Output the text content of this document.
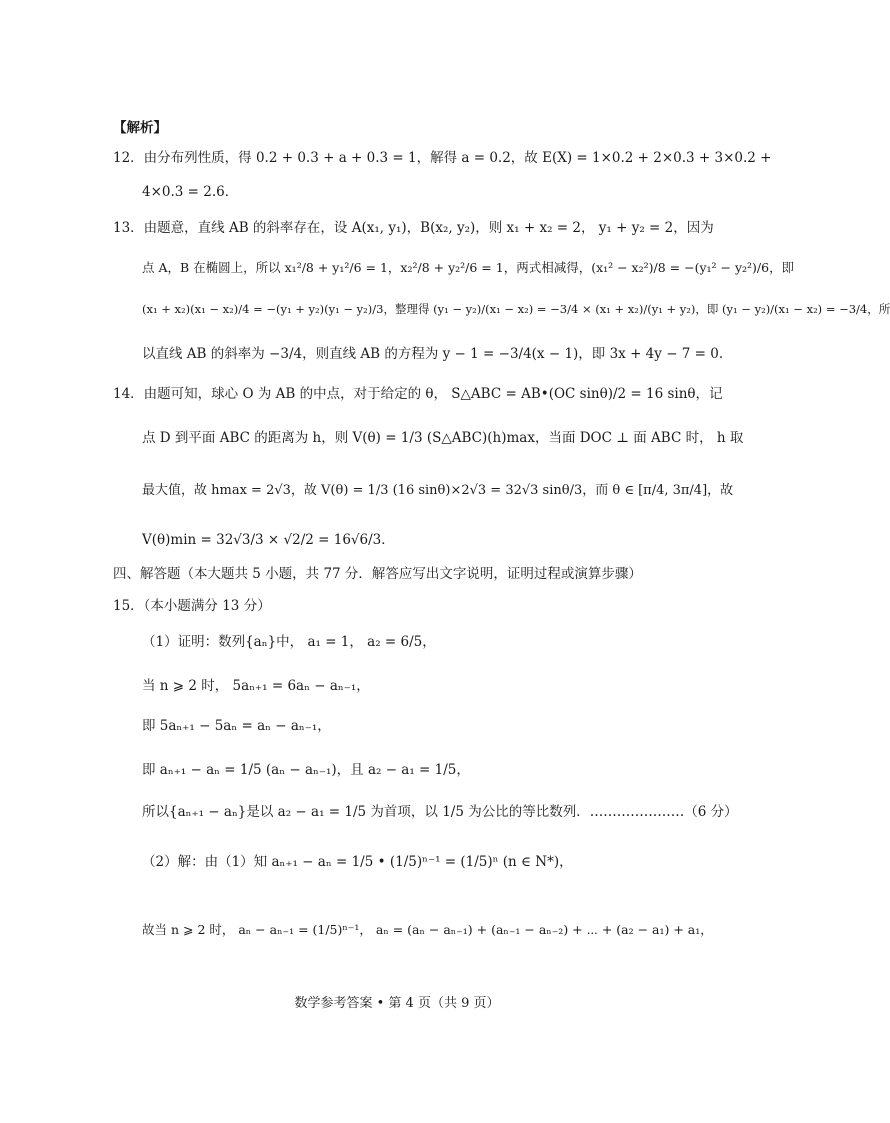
【解析】
12．由分布列性质，得 0.2 + 0.3 + a + 0.3 = 1，解得 a = 0.2，故 E(X) = 1×0.2 + 2×0.3 + 3×0.2 +
4×0.3 = 2.6．
13．由题意，直线 AB 的斜率存在，设 A(x₁, y₁)，B(x₂, y₂)，则 x₁ + x₂ = 2， y₁ + y₂ = 2，因为
点 A，B 在椭圆上，所以 x₁²/8 + y₁²/6 = 1，x₂²/8 + y₂²/6 = 1，两式相减得，(x₁² − x₂²)/8 = −(y₁² − y₂²)/6，即
(x₁ + x₂)(x₁ − x₂)/4 = −(y₁ + y₂)(y₁ − y₂)/3，整理得 (y₁ − y₂)/(x₁ − x₂) = −3/4 × (x₁ + x₂)/(y₁ + y₂)，即 (y₁ − y₂)/(x₁ − x₂) = −3/4，所
以直线 AB 的斜率为 −3/4，则直线 AB 的方程为 y − 1 = −3/4(x − 1)，即 3x + 4y − 7 = 0．
14．由题可知，球心 O 为 AB 的中点，对于给定的 θ， S△ABC = AB•(OC sinθ)/2 = 16 sinθ，记
点 D 到平面 ABC 的距离为 h，则 V(θ) = 1/3 (S△ABC)(h)max，当面 DOC ⊥ 面 ABC 时， h 取
最大值，故 hmax = 2√3，故 V(θ) = 1/3 (16 sinθ)×2√3 = 32√3 sinθ/3，而 θ ∈ [π/4, 3π/4]，故
V(θ)min = 32√3/3 × √2/2 = 16√6/3．
四、解答题（本大题共 5 小题，共 77 分．解答应写出文字说明，证明过程或演算步骤）
15．（本小题满分 13 分）
（1）证明：数列{aₙ}中， a₁ = 1， a₂ = 6/5，
当 n ⩾ 2 时， 5aₙ₊₁ = 6aₙ − aₙ₋₁，
即 5aₙ₊₁ − 5aₙ = aₙ − aₙ₋₁，
即 aₙ₊₁ − aₙ = 1/5 (aₙ − aₙ₋₁)，且 a₂ − a₁ = 1/5，
所以{aₙ₊₁ − aₙ}是以 a₂ − a₁ = 1/5 为首项，以 1/5 为公比的等比数列．…………………（6 分）
（2）解：由（1）知 aₙ₊₁ − aₙ = 1/5 • (1/5)ⁿ⁻¹ = (1/5)ⁿ (n ∈ N*)，
故当 n ⩾ 2 时， aₙ − aₙ₋₁ = (1/5)ⁿ⁻¹， aₙ = (aₙ − aₙ₋₁) + (aₙ₋₁ − aₙ₋₂) + ⋯ + (a₂ − a₁) + a₁，
数学参考答案 • 第 4 页（共 9 页）
